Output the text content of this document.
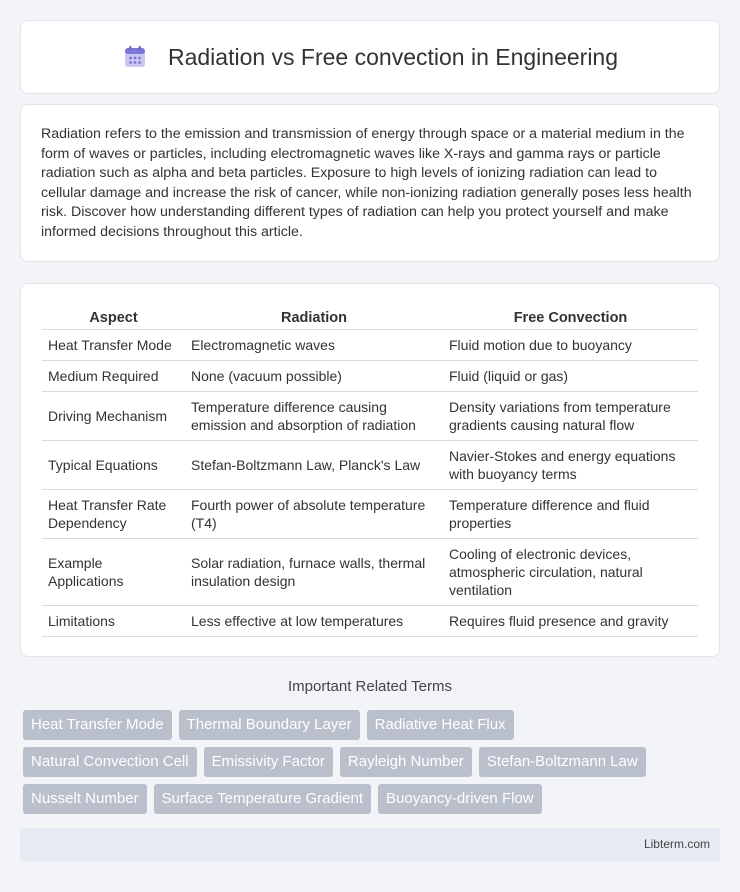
Radiation vs Free convection in Engineering

Radiation refers to the emission and transmission of energy through space or a material medium in the form of waves or particles, including electromagnetic waves like X-rays and gamma rays or particle radiation such as alpha and beta particles. Exposure to high levels of ionizing radiation can lead to cellular damage and increase the risk of cancer, while non-ionizing radiation generally poses less health risk. Discover how understanding different types of radiation can help you protect yourself and make informed decisions throughout this article.

Aspect	Radiation	Free Convection
Heat Transfer Mode	Electromagnetic waves	Fluid motion due to buoyancy
Medium Required	None (vacuum possible)	Fluid (liquid or gas)
Driving Mechanism	Temperature difference causing emission and absorption of radiation	Density variations from temperature gradients causing natural flow
Typical Equations	Stefan-Boltzmann Law, Planck's Law	Navier-Stokes and energy equations with buoyancy terms
Heat Transfer Rate Dependency	Fourth power of absolute temperature (T4)	Temperature difference and fluid properties
Example Applications	Solar radiation, furnace walls, thermal insulation design	Cooling of electronic devices, atmospheric circulation, natural ventilation
Limitations	Less effective at low temperatures	Requires fluid presence and gravity
Important Related Terms
Heat Transfer Mode	Thermal Boundary Layer	Radiative Heat Flux
Natural Convection Cell	Emissivity Factor	Rayleigh Number	Stefan-Boltzmann Law
Nusselt Number	Surface Temperature Gradient	Buoyancy-driven Flow
Libterm.com
